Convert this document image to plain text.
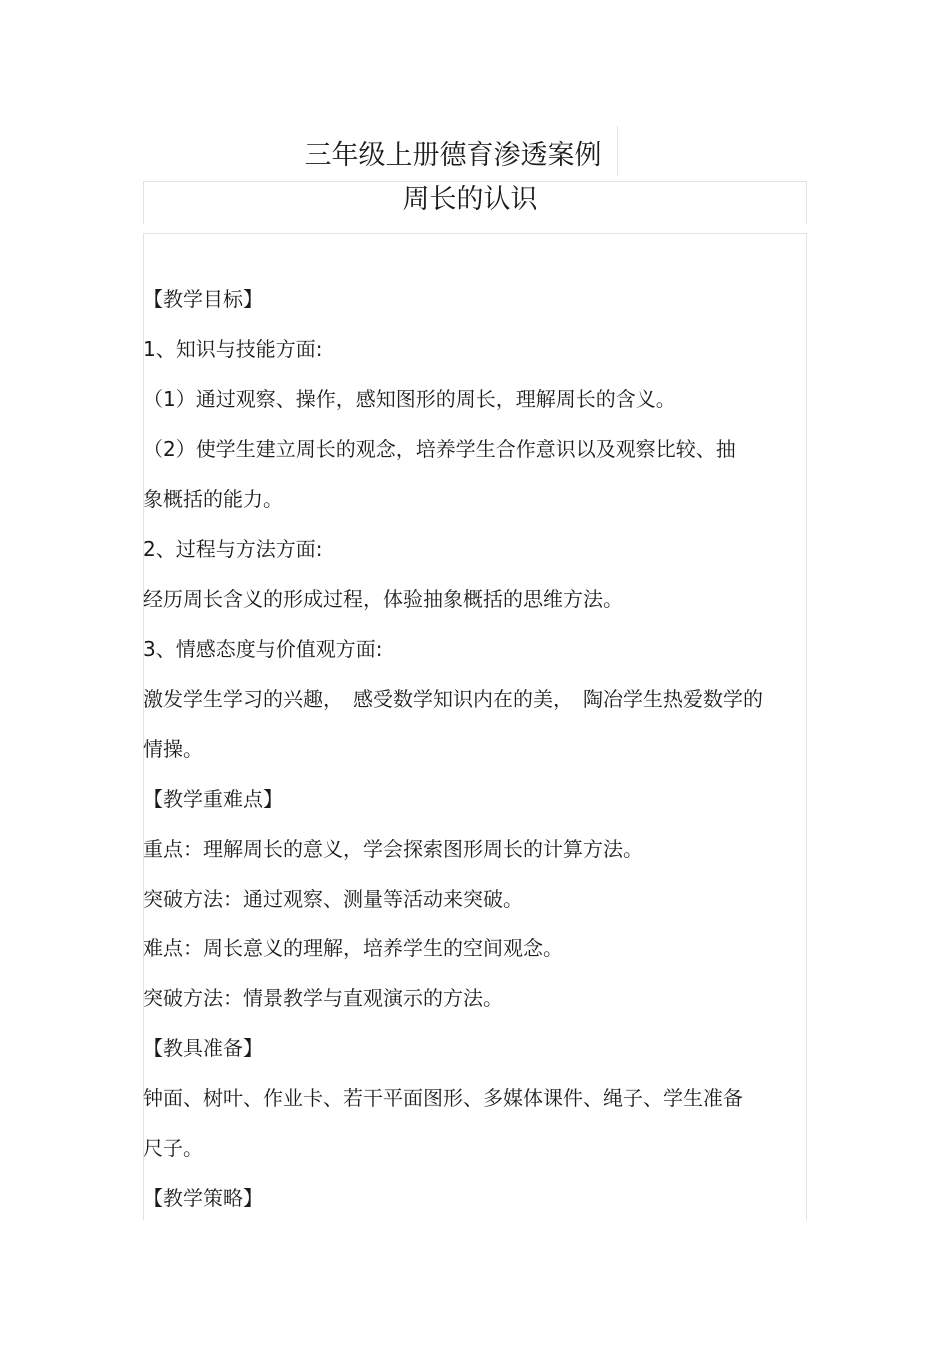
三年级上册德育渗透案例
周长的认识
【教学目标】
1、知识与技能方面:
（1）通过观察、操作，感知图形的周长，理解周长的含义。
（2）使学生建立周长的观念，培养学生合作意识以及观察比较、抽
象概括的能力。
2、过程与方法方面:
经历周长含义的形成过程，体验抽象概括的思维方法。
3、情感态度与价值观方面:
激发学生学习的兴趣，　感受数学知识内在的美，　陶冶学生热爱数学的
情操。
【教学重难点】
重点：理解周长的意义，学会探索图形周长的计算方法。
突破方法：通过观察、测量等活动来突破。
难点：周长意义的理解，培养学生的空间观念。
突破方法：情景教学与直观演示的方法。
【教具准备】
钟面、树叶、作业卡、若干平面图形、多媒体课件、绳子、学生准备
尺子。
【教学策略】
